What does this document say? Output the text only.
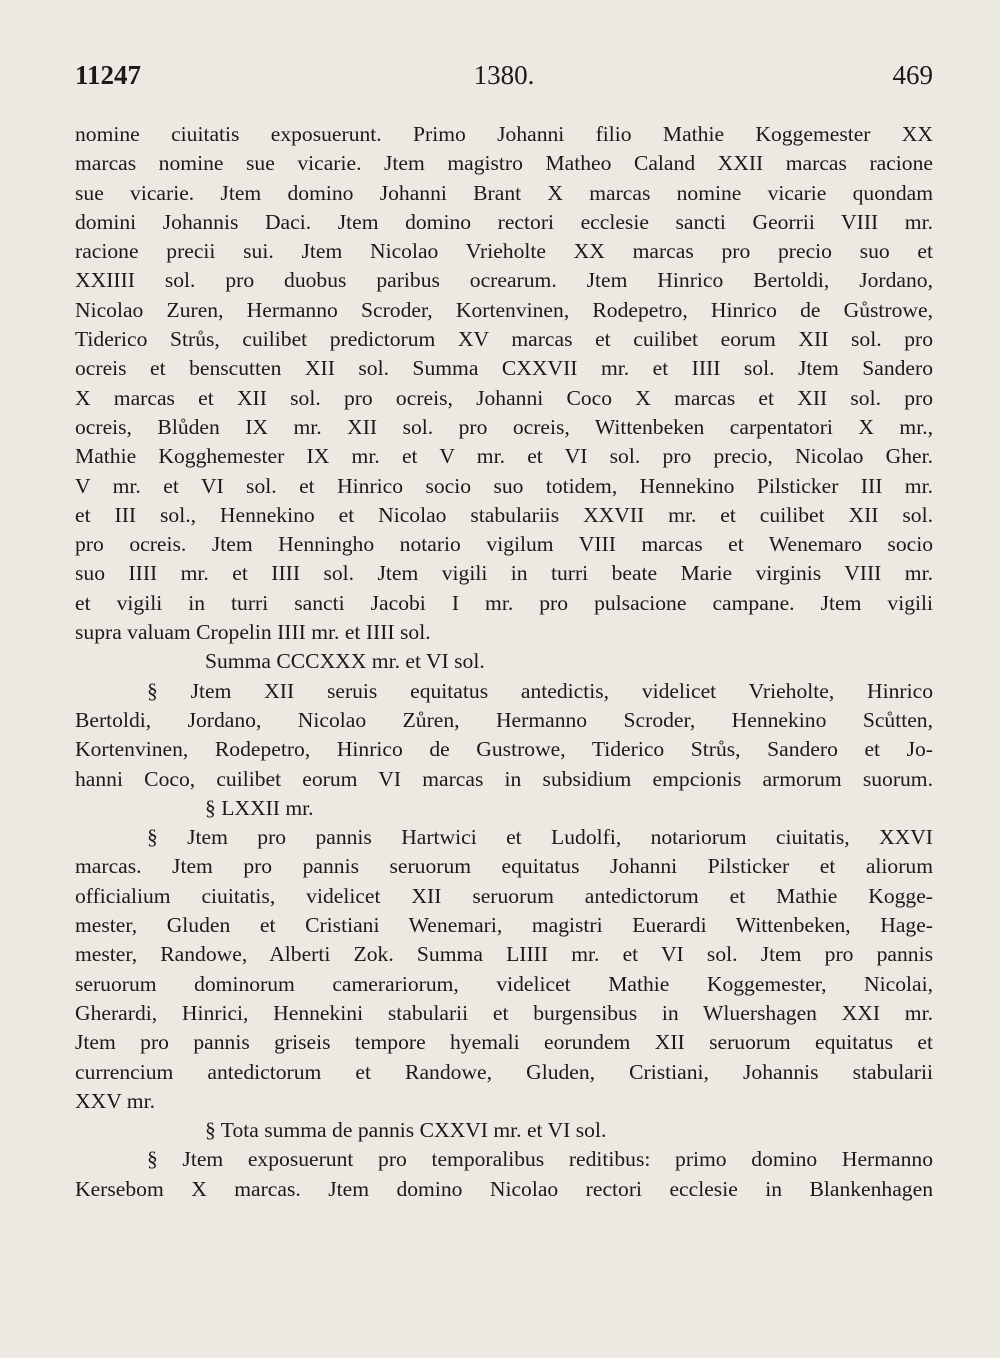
11247	1380.	469
nomine ciuitatis exposuerunt. Primo Johanni filio Mathie Koggemester XX
marcas nomine sue vicarie. Jtem magistro Matheo Caland XXII marcas racione
sue vicarie. Jtem domino Johanni Brant X marcas nomine vicarie quondam
domini Johannis Daci. Jtem domino rectori ecclesie sancti Georrii VIII mr.
racione precii sui. Jtem Nicolao Vrieholte XX marcas pro precio suo et
XXIIII sol. pro duobus paribus ocrearum. Jtem Hinrico Bertoldi, Jordano,
Nicolao Zuren, Hermanno Scroder, Kortenvinen, Rodepetro, Hinrico de Gůstrowe,
Tiderico Strůs, cuilibet predictorum XV marcas et cuilibet eorum XII sol. pro
ocreis et benscutten XII sol. Summa CXXVII mr. et IIII sol. Jtem Sandero
X marcas et XII sol. pro ocreis, Johanni Coco X marcas et XII sol. pro
ocreis, Blůden IX mr. XII sol. pro ocreis, Wittenbeken carpentatori X mr.,
Mathie Kogghemester IX mr. et V mr. et VI sol. pro precio, Nicolao Gher.
V mr. et VI sol. et Hinrico socio suo totidem, Hennekino Pilsticker III mr.
et III sol., Hennekino et Nicolao stabulariis XXVII mr. et cuilibet XII sol.
pro ocreis. Jtem Henningho notario vigilum VIII marcas et Wenemaro socio
suo IIII mr. et IIII sol. Jtem vigili in turri beate Marie virginis VIII mr.
et vigili in turri sancti Jacobi I mr. pro pulsacione campane. Jtem vigili
supra valuam Cropelin IIII mr. et IIII sol.
Summa CCCXXX mr. et VI sol.
§ Jtem XII seruis equitatus antedictis, videlicet Vrieholte, Hinrico
Bertoldi, Jordano, Nicolao Zůren, Hermanno Scroder, Hennekino Scůtten,
Kortenvinen, Rodepetro, Hinrico de Gustrowe, Tiderico Strůs, Sandero et Jo-
hanni Coco, cuilibet eorum VI marcas in subsidium empcionis armorum suorum.
§ LXXII mr.
§ Jtem pro pannis Hartwici et Ludolfi, notariorum ciuitatis, XXVI
marcas. Jtem pro pannis seruorum equitatus Johanni Pilsticker et aliorum
officialium ciuitatis, videlicet XII seruorum antedictorum et Mathie Kogge-
mester, Gluden et Cristiani Wenemari, magistri Euerardi Wittenbeken, Hage-
mester, Randowe, Alberti Zok. Summa LIIII mr. et VI sol. Jtem pro pannis
seruorum dominorum camerariorum, videlicet Mathie Koggemester, Nicolai,
Gherardi, Hinrici, Hennekini stabularii et burgensibus in Wluershagen XXI mr.
Jtem pro pannis griseis tempore hyemali eorundem XII seruorum equitatus et
currencium antedictorum et Randowe, Gluden, Cristiani, Johannis stabularii
XXV mr.
§ Tota summa de pannis CXXVI mr. et VI sol.
§ Jtem exposuerunt pro temporalibus reditibus: primo domino Hermanno
Kersebom X marcas. Jtem domino Nicolao rectori ecclesie in Blankenhagen
